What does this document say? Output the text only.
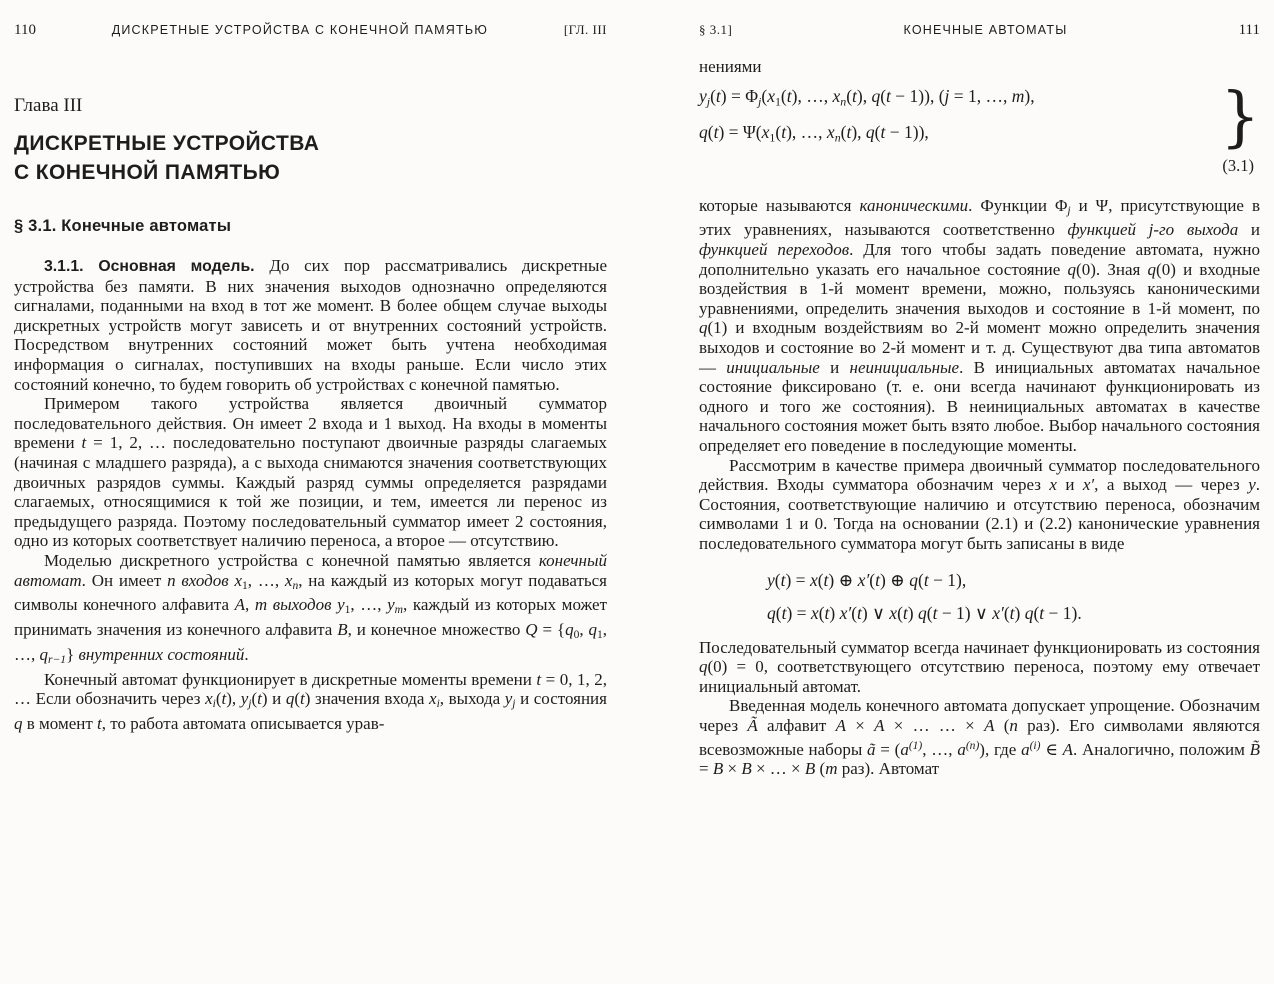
110	ДИСКРЕТНЫЕ УСТРОЙСТВА С КОНЕЧНОЙ ПАМЯТЬЮ	[ГЛ. III
Глава III
ДИСКРЕТНЫЕ УСТРОЙСТВА
С КОНЕЧНОЙ ПАМЯТЬЮ
§ 3.1. Конечные автоматы

3.1.1. Основная модель. До сих пор рассматривались дискретные устройства без памяти. В них значения выходов однозначно определяются сигналами, поданными на вход в тот же момент. В более общем случае выходы дискретных устройств могут зависеть и от внутренних состояний устройств. Посредством внутренних состояний может быть учтена необходимая информация о сигналах, поступивших на входы раньше. Если число этих состояний конечно, то будем говорить об устройствах с конечной памятью.

Примером такого устройства является двоичный сумматор последовательного действия. Он имеет 2 входа и 1 выход. На входы в моменты времени t = 1, 2, … последовательно поступают двоичные разряды слагаемых (начиная с младшего разряда), а с выхода снимаются значения соответствующих двоичных разрядов суммы. Каждый разряд суммы определяется разрядами слагаемых, относящимися к той же позиции, и тем, имеется ли перенос из предыдущего разряда. Поэтому последовательный сумматор имеет 2 состояния, одно из которых соответствует наличию переноса, а второе — отсутствию.

Моделью дискретного устройства с конечной памятью является конечный автомат. Он имеет n входов $x_1$, …, $x_n$, на каждый из которых могут подаваться символы конечного алфавита A, m выходов $y_1$, …, $y_m$, каждый из которых может принимать значения из конечного алфавита B, и конечное множество $Q = \{q_0$, $q_1$, …, $q_{r-1}$} внутренних состояний.

Конечный автомат функционирует в дискретные моменты времени t = 0, 1, 2, … Если обозначить через $x_i(t)$, $y_j(t)$ и q(t) значения входа $x_i$, выхода $y_j$ и состояния q в момент t, то работа автомата описывается урав-

§ 3.1]	КОНЕЧНЫЕ АВТОМАТЫ	111
нениями
$y_j(t) = \Phi_j(x_1(t)$, …, $x_n(t)$, q(t − 1)), (j = 1, …, m),
$q(t) = \Psi(x_1(t)$, …, $x_n(t)$, q(t − 1)),	}
(3.1)

которые называются каноническими. Функции $\Phi_j$ и Ψ, присутствующие в этих уравнениях, называются соответственно функцией j-го выхода и функцией переходов. Для того чтобы задать поведение автомата, нужно дополнительно указать его начальное состояние q(0). Зная q(0) и входные воздействия в 1-й момент времени, можно, пользуясь каноническими уравнениями, определить значения выходов и состояние в 1-й момент, по q(1) и входным воздействиям во 2-й момент можно определить значения выходов и состояние во 2-й момент и т. д. Существуют два типа автоматов — инициальные и неинициальные. В инициальных автоматах начальное состояние фиксировано (т. е. они всегда начинают функционировать из одного и того же состояния). В неинициальных автоматах в качестве начального состояния может быть взято любое. Выбор начального состояния определяет его поведение в последующие моменты.

Рассмотрим в качестве примера двоичный сумматор последовательного действия. Входы сумматора обозначим через x и x′, а выход — через y. Состояния, соответствующие наличию и отсутствию переноса, обозначим символами 1 и 0. Тогда на основании (2.1) и (2.2) канонические уравнения последовательного сумматора могут быть записаны в виде

y(t) = x(t) ⊕ x′(t) ⊕ q(t − 1),
q(t) = x(t) x′(t) ∨ x(t) q(t − 1) ∨ x′(t) q(t − 1).

Последовательный сумматор всегда начинает функционировать из состояния q(0) = 0, соответствующего отсутствию переноса, поэтому ему отвечает инициальный автомат.

Введенная модель конечного автомата допускает упрощение. Обозначим через Ã алфавит A × A × … … × A (n раз). Его символами являются всевозможные наборы ã = ($a^{(1)}$, …, $a^{(n)}$), где $a^{(i)}$ ∈ A. Аналогично, положим B̃ = B × B × … × B (m раз). Автомат
